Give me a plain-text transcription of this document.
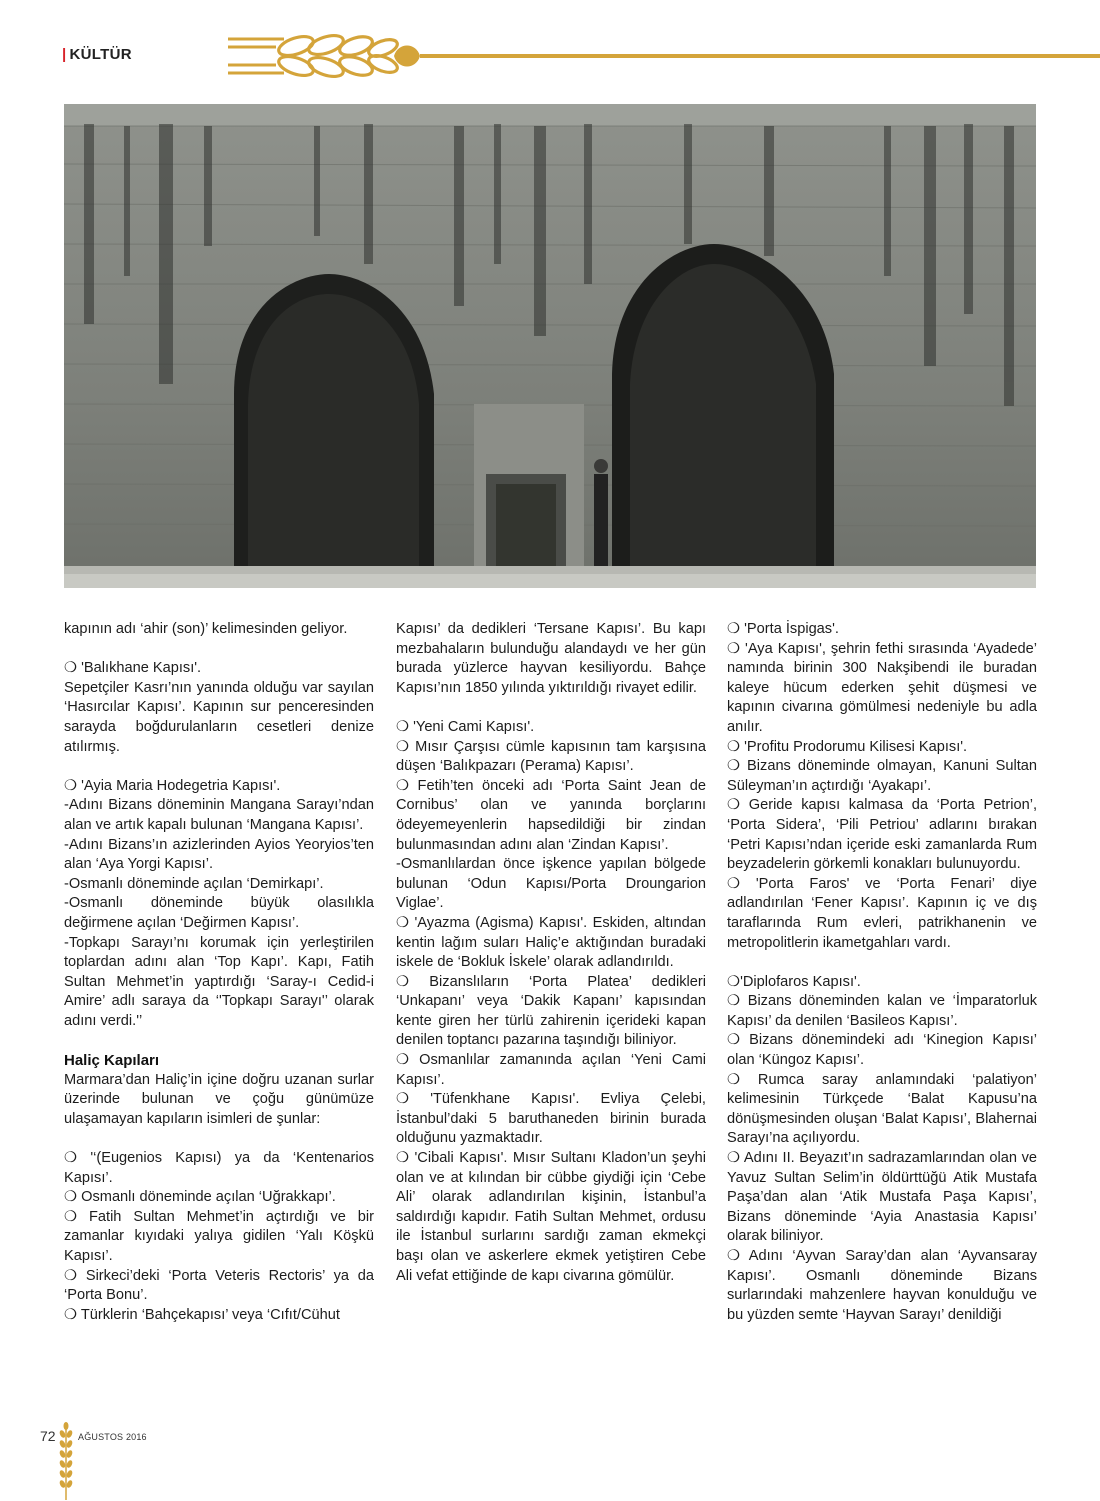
| KÜLTÜR

kapının adı ‘ahir (son)’ kelimesinden geliyor.

❍ 'Balıkhane Kapısı'.

Sepetçiler Kasrı’nın yanında olduğu var sayılan ‘Hasırcılar Kapısı’. Kapının sur penceresinden sarayda boğdurulanların cesetleri denize atılırmış.

❍ 'Ayia Maria Hodegetria Kapısı'.

-Adını Bizans döneminin Mangana Sarayı’ndan alan ve artık kapalı bulunan ‘Mangana Kapısı’.

-Adını Bizans’ın azizlerinden Ayios Yeoryios’ten alan ‘Aya Yorgi Kapısı’.

-Osmanlı döneminde açılan ‘Demirkapı’.

-Osmanlı döneminde büyük olasılıkla değirmene açılan ‘Değirmen Kapısı’.

-Topkapı Sarayı’nı korumak için yerleştirilen toplardan adını alan ‘Top Kapı’. Kapı, Fatih Sultan Mehmet’in yaptırdığı ‘Saray-ı Cedid-i Amire’ adlı saraya da ‘'Topkapı Sarayı'’ olarak adını verdi.'’

Haliç Kapıları

Marmara’dan Haliç’in içine doğru uzanan surlar üzerinde bulunan ve çoğu günümüze ulaşamayan kapıların isimleri de şunlar:

❍ '‘(Eugenios Kapısı) ya da ‘Kentenarios Kapısı’.

❍ Osmanlı döneminde açılan ‘Uğrakkapı’.

❍ Fatih Sultan Mehmet’in açtırdığı ve bir zamanlar kıyıdaki yalıya gidilen ‘Yalı Köşkü Kapısı’.

❍ Sirkeci’deki ‘Porta Veteris Rectoris’ ya da ‘Porta Bonu’.

❍ Türklerin ‘Bahçekapısı’ veya ‘Cıfıt/Cühut

Kapısı’ da dedikleri ‘Tersane Kapısı’. Bu kapı mezbahaların bulunduğu alandaydı ve her gün burada yüzlerce hayvan kesiliyordu. Bahçe Kapısı’nın 1850 yılında yıktırıldığı rivayet edilir.

❍ 'Yeni Cami Kapısı'.

❍ Mısır Çarşısı cümle kapısının tam karşısına düşen ‘Balıkpazarı (Perama) Kapısı’.

❍ Fetih’ten önceki adı ‘Porta Saint Jean de Cornibus’ olan ve yanında borçlarını ödeyemeyenlerin hapsedildiği bir zindan bulunmasından adını alan ‘Zindan Kapısı’.

-Osmanlılardan önce işkence yapılan bölgede bulunan ‘Odun Kapısı/Porta Droungarion Viglae’.

❍ 'Ayazma (Agisma) Kapısı'. Eskiden, altından kentin lağım suları Haliç’e aktığından buradaki iskele de ‘Bokluk İskele’ olarak adlandırıldı.

❍ Bizanslıların ‘Porta Platea’ dedikleri ‘Unkapanı’ veya ‘Dakik Kapanı’ kapısından kente giren her türlü zahirenin içerideki kapan denilen toptancı pazarına taşındığı biliniyor.

❍ Osmanlılar zamanında açılan ‘Yeni Cami Kapısı’.

❍ 'Tüfenkhane Kapısı'. Evliya Çelebi, İstanbul’daki 5 baruthaneden birinin burada olduğunu yazmaktadır.

❍ 'Cibali Kapısı'. Mısır Sultanı Kladon’un şeyhi olan ve at kılından bir cübbe giydiği için ‘Cebe Ali’ olarak adlandırılan kişinin, İstanbul’a saldırdığı kapıdır. Fatih Sultan Mehmet, ordusu ile İstanbul surlarını sardığı zaman ekmekçi başı olan ve askerlere ekmek yetiştiren Cebe Ali vefat ettiğinde de kapı civarına gömülür.

❍ 'Porta İspigas'.

❍ 'Aya Kapısı', şehrin fethi sırasında ‘Ayadede’ namında birinin 300 Nakşibendi ile buradan kaleye hücum ederken şehit düşmesi ve kapının civarına gömülmesi nedeniyle bu adla anılır.

❍ 'Profitu Prodorumu Kilisesi Kapısı'.

❍ Bizans döneminde olmayan, Kanuni Sultan Süleyman’ın açtırdığı ‘Ayakapı’.

❍ Geride kapısı kalmasa da ‘Porta Petrion’, ‘Porta Sidera’, ‘Pili Petriou’ adlarını bırakan ‘Petri Kapısı’ndan içeride eski zamanlarda Rum beyzadelerin görkemli konakları bulunuyordu.

❍ 'Porta Faros' ve ‘Porta Fenari’ diye adlandırılan ‘Fener Kapısı’. Kapının iç ve dış taraflarında Rum evleri, patrikhanenin ve metropolitlerin ikametgahları vardı.

❍'Diplofaros Kapısı'.

❍ Bizans döneminden kalan ve ‘İmparatorluk Kapısı’ da denilen ‘Basileos Kapısı’.

❍ Bizans dönemindeki adı ‘Kinegion Kapısı’ olan ‘Küngoz Kapısı’.

❍ Rumca saray anlamındaki ‘palatiyon’ kelimesinin Türkçede ‘Balat Kapusu’na dönüşmesinden oluşan ‘Balat Kapısı’, Blahernai Sarayı’na açılıyordu.

❍ Adını II. Beyazıt’ın sadrazamlarından olan ve Yavuz Sultan Selim’in öldürttüğü Atik Mustafa Paşa’dan alan ‘Atik Mustafa Paşa Kapısı’, Bizans döneminde ‘Ayia Anastasia Kapısı’ olarak biliniyor.

❍ Adını ‘Ayvan Saray’dan alan ‘Ayvansaray Kapısı’. Osmanlı döneminde Bizans surlarındaki mahzenlere hayvan konulduğu ve bu yüzden semte ‘Hayvan Sarayı’ denildiği

72 AĞUSTOS 2016
